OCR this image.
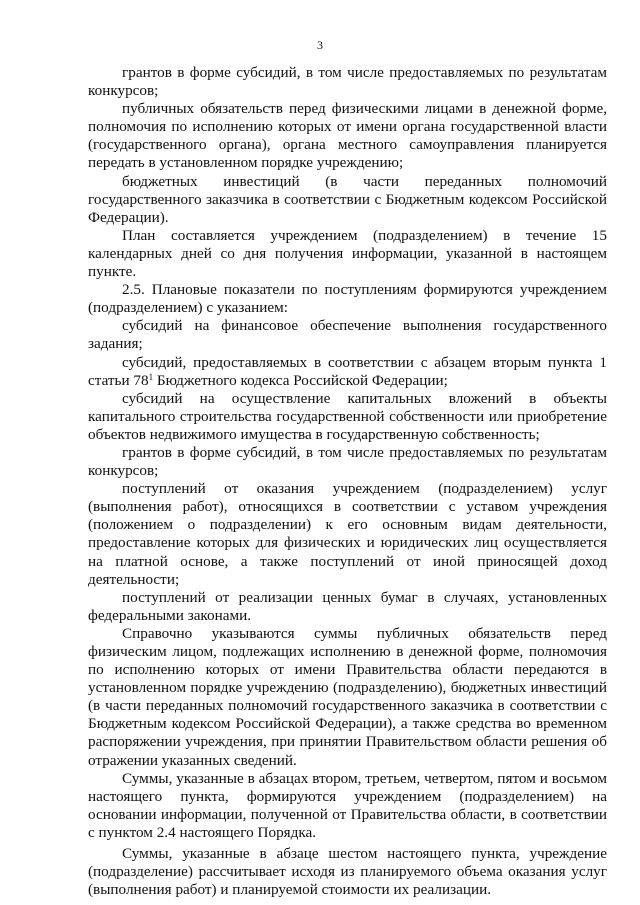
3

грантов в форме субсидий, в том числе предоставляемых по результатам конкурсов;

публичных обязательств перед физическими лицами в денежной форме, полномочия по исполнению которых от имени органа государственной власти (государственного органа), органа местного самоуправления планируется передать в установленном порядке учреждению;

бюджетных инвестиций (в части переданных полномочий государственного заказчика в соответствии с Бюджетным кодексом Российской Федерации).

План составляется учреждением (подразделением) в течение 15 календарных дней со дня получения информации, указанной в настоящем пункте.

2.5. Плановые показатели по поступлениям формируются учреждением (подразделением) с указанием:

субсидий на финансовое обеспечение выполнения государственного задания;

субсидий, предоставляемых в соответствии с абзацем вторым пункта 1 статьи $78^1$ Бюджетного кодекса Российской Федерации;

субсидий на осуществление капитальных вложений в объекты капитального строительства государственной собственности или приобретение объектов недвижимого имущества в государственную собственность;

грантов в форме субсидий, в том числе предоставляемых по результатам конкурсов;

поступлений от оказания учреждением (подразделением) услуг (выполнения работ), относящихся в соответствии с уставом учреждения (положением о подразделении) к его основным видам деятельности, предоставление которых для физических и юридических лиц осуществляется на платной основе, а также поступлений от иной приносящей доход деятельности;

поступлений от реализации ценных бумаг в случаях, установленных федеральными законами.

Справочно указываются суммы публичных обязательств перед физическим лицом, подлежащих исполнению в денежной форме, полномочия по исполнению которых от имени Правительства области передаются в установленном порядке учреждению (подразделению), бюджетных инвестиций (в части переданных полномочий государственного заказчика в соответствии с Бюджетным кодексом Российской Федерации), а также средства во временном распоряжении учреждения, при принятии Правительством области решения об отражении указанных сведений.

Суммы, указанные в абзацах втором, третьем, четвертом, пятом и восьмом настоящего пункта, формируются учреждением (подразделением) на основании информации, полученной от Правительства области, в соответствии с пунктом 2.4 настоящего Порядка.

Суммы, указанные в абзаце шестом настоящего пункта, учреждение (подразделение) рассчитывает исходя из планируемого объема оказания услуг (выполнения работ) и планируемой стоимости их реализации.
